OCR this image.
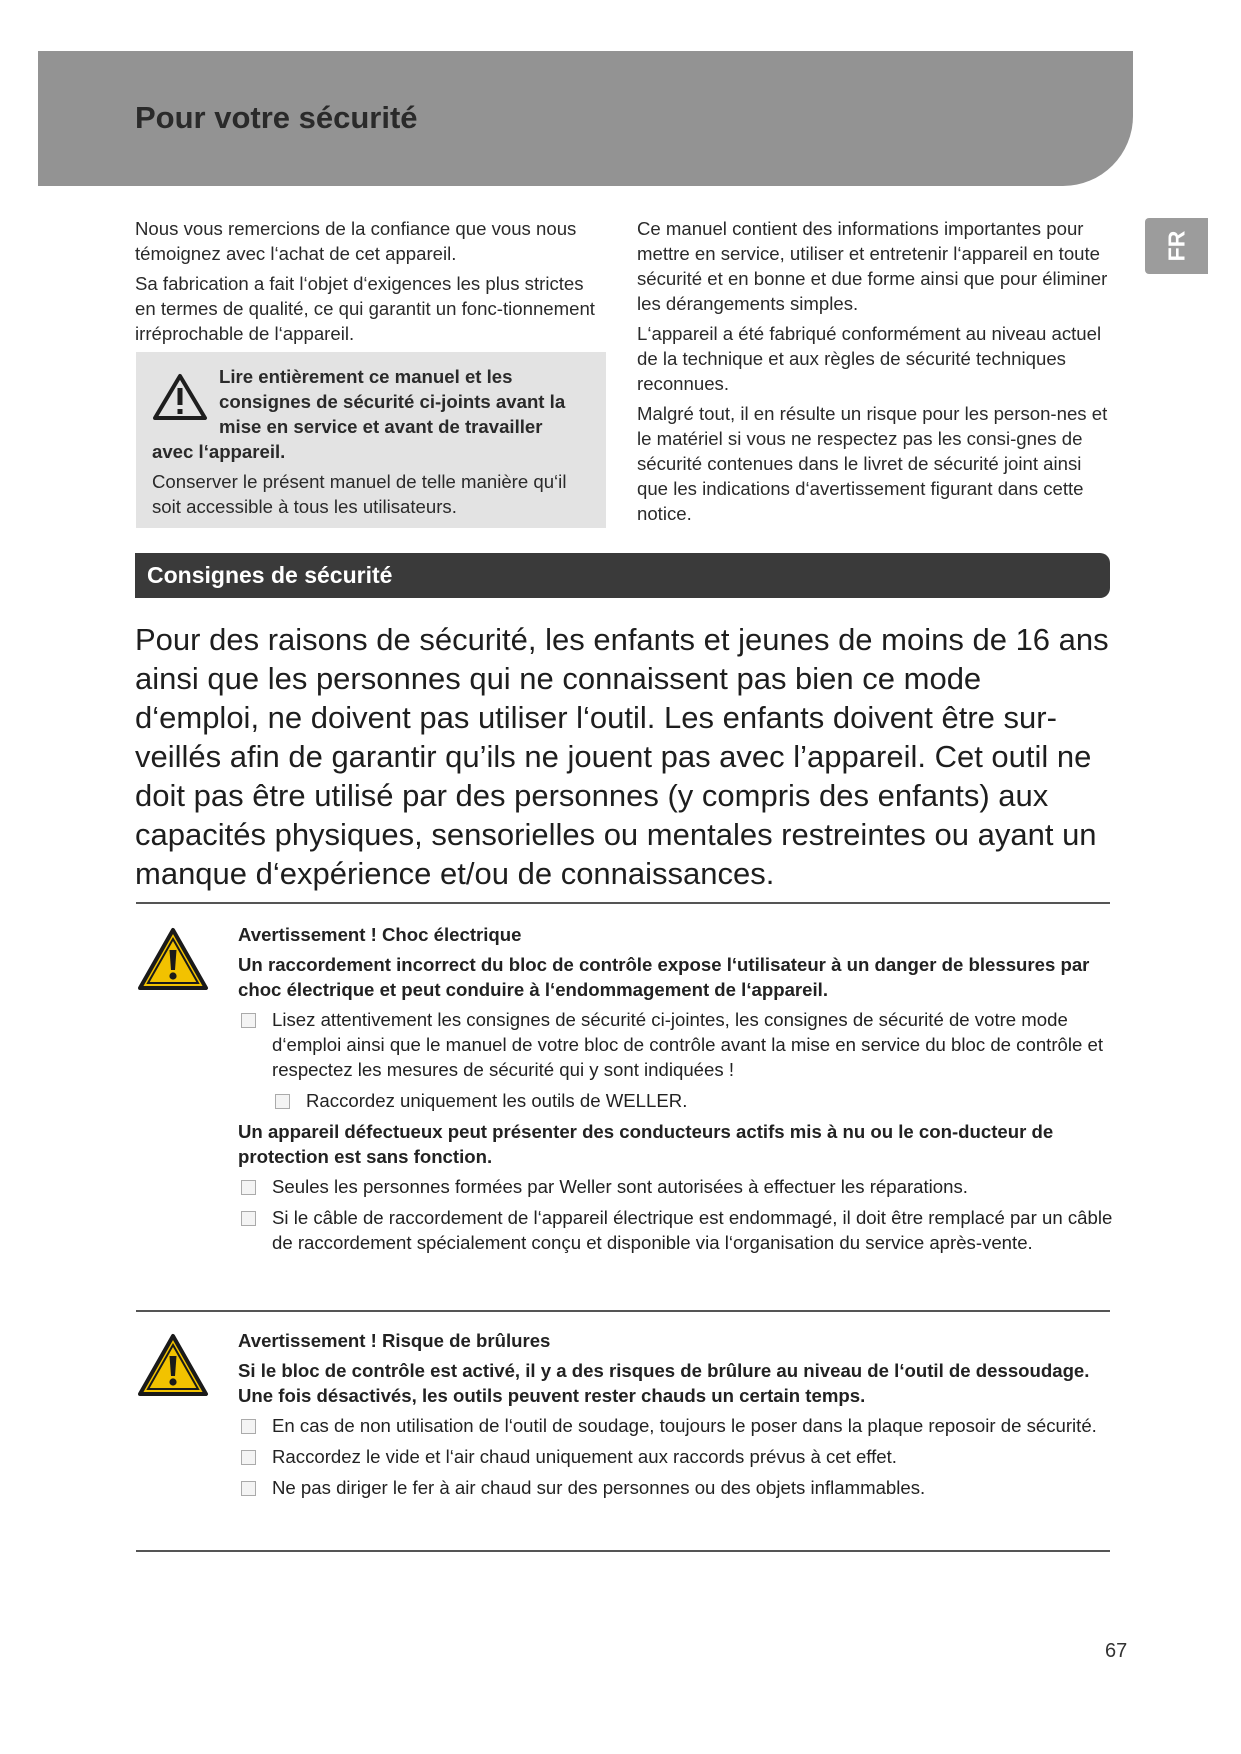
Pour votre sécurité
FR

Nous vous remercions de la confiance que vous nous témoignez avec l‘achat de cet appareil.

Sa fabrication a fait l‘objet d‘exigences les plus strictes en termes de qualité, ce qui garantit un fonc-tionnement irréprochable de l‘appareil.

Lire entièrement ce manuel et les consignes de sécurité ci-joints avant la mise en service et avant de travailler
avec l‘appareil.
Conserver le présent manuel de telle manière qu‘il soit accessible à tous les utilisateurs.

Ce manuel contient des informations importantes pour mettre en service, utiliser et entretenir l‘appareil en toute sécurité et en bonne et due forme ainsi que pour éliminer les dérangements simples.

L‘appareil a été fabriqué conformément au niveau actuel de la technique et aux règles de sécurité techniques reconnues.

Malgré tout, il en résulte un risque pour les person-nes et le matériel si vous ne respectez pas les consi-gnes de sécurité contenues dans le livret de sécurité joint ainsi que les indications d‘avertissement figurant dans cette notice.

Consignes de sécurité

Pour des raisons de sécurité, les enfants et jeunes de moins de 16 ans ainsi que les personnes qui ne connaissent pas bien ce mode d‘emploi, ne doivent pas utiliser l‘outil. Les enfants doivent être sur-veillés afin de garantir qu’ils ne jouent pas avec l’appareil. Cet outil ne doit pas être utilisé par des personnes (y compris des enfants) aux capacités physiques, sensorielles ou mentales restreintes ou ayant un manque d‘expérience et/ou de connaissances.

Avertissement ! Choc électrique

Un raccordement incorrect du bloc de contrôle expose l‘utilisateur à un danger de blessures par choc électrique et peut conduire à l‘endommagement de l‘appareil.

Lisez attentivement les consignes de sécurité ci-jointes, les consignes de sécurité de votre mode d‘emploi ainsi que le manuel de votre bloc de contrôle avant la mise en service du bloc de contrôle et respectez les mesures de sécurité qui y sont indiquées !
Raccordez uniquement les outils de WELLER.

Un appareil défectueux peut présenter des conducteurs actifs mis à nu ou le con-ducteur de protection est sans fonction.

Seules les personnes formées par Weller sont autorisées à effectuer les réparations.
Si le câble de raccordement de l‘appareil électrique est endommagé, il doit être remplacé par un câble de raccordement spécialement conçu et disponible via l‘organisation du service après-vente.

Avertissement ! Risque de brûlures

Si le bloc de contrôle est activé, il y a des risques de brûlure au niveau de l‘outil de dessoudage. Une fois désactivés, les outils peuvent rester chauds un certain temps.

En cas de non utilisation de l‘outil de soudage, toujours le poser dans la plaque reposoir de sécurité.
Raccordez le vide et l‘air chaud uniquement aux raccords prévus à cet effet.
Ne pas diriger le fer à air chaud sur des personnes ou des objets inflammables.
67
